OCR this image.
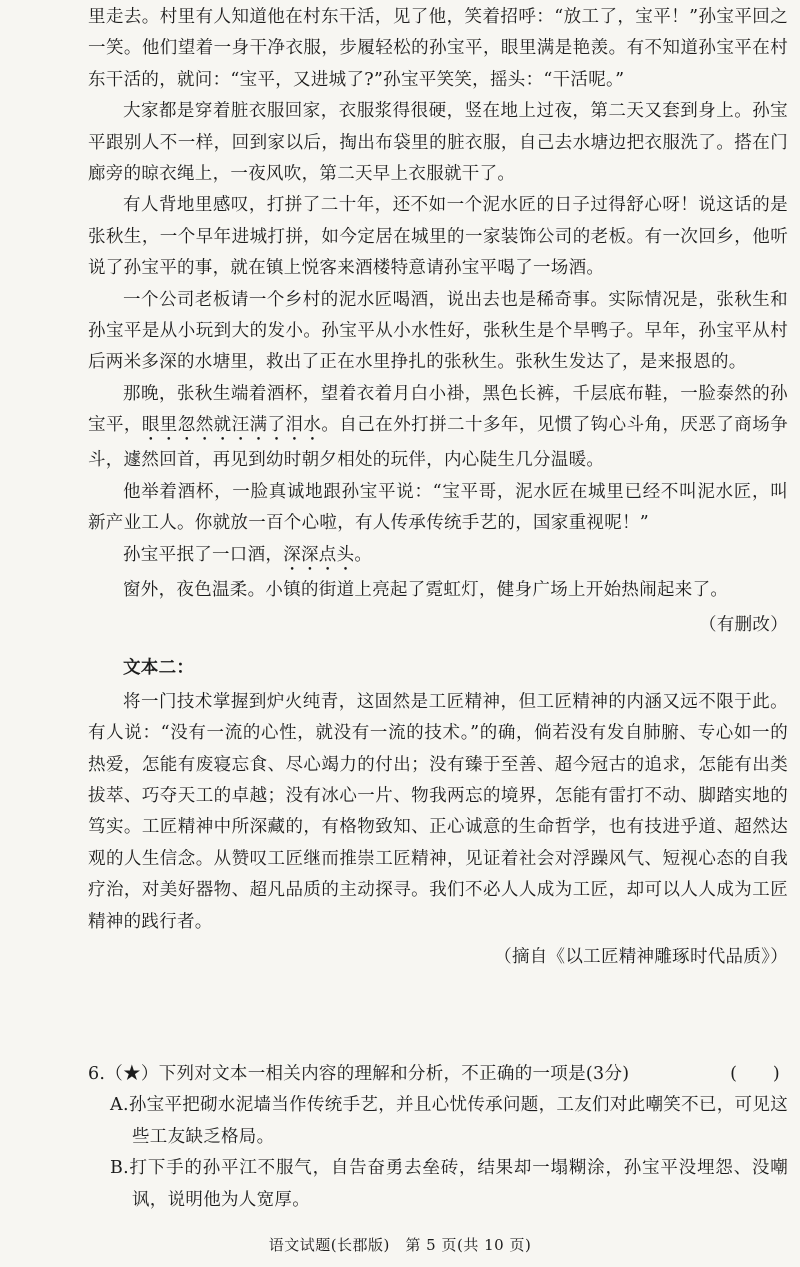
里走去。村里有人知道他在村东干活，见了他，笑着招呼：“放工了，宝平！”孙宝平回之一笑。他们望着一身干净衣服，步履轻松的孙宝平，眼里满是艳羡。有不知道孙宝平在村东干活的，就问：“宝平，又进城了?”孙宝平笑笑，摇头：“干活呢。”

大家都是穿着脏衣服回家，衣服浆得很硬，竖在地上过夜，第二天又套到身上。孙宝平跟别人不一样，回到家以后，掏出布袋里的脏衣服，自己去水塘边把衣服洗了。搭在门廊旁的晾衣绳上，一夜风吹，第二天早上衣服就干了。

有人背地里感叹，打拼了二十年，还不如一个泥水匠的日子过得舒心呀！说这话的是张秋生，一个早年进城打拼，如今定居在城里的一家装饰公司的老板。有一次回乡，他听说了孙宝平的事，就在镇上悦客来酒楼特意请孙宝平喝了一场酒。

一个公司老板请一个乡村的泥水匠喝酒，说出去也是稀奇事。实际情况是，张秋生和孙宝平是从小玩到大的发小。孙宝平从小水性好，张秋生是个旱鸭子。早年，孙宝平从村后两米多深的水塘里，救出了正在水里挣扎的张秋生。张秋生发达了，是来报恩的。

那晚，张秋生端着酒杯，望着衣着月白小褂，黑色长裤，千层底布鞋，一脸泰然的孙宝平，眼里忽然就汪满了泪水。自己在外打拼二十多年，见惯了钩心斗角，厌恶了商场争斗，遽然回首，再见到幼时朝夕相处的玩伴，内心陡生几分温暖。

他举着酒杯，一脸真诚地跟孙宝平说：“宝平哥，泥水匠在城里已经不叫泥水匠，叫新产业工人。你就放一百个心啦，有人传承传统手艺的，国家重视呢！”

孙宝平抿了一口酒，深深点头。

窗外，夜色温柔。小镇的街道上亮起了霓虹灯，健身广场上开始热闹起来了。

（有删改）

文本二：

将一门技术掌握到炉火纯青，这固然是工匠精神，但工匠精神的内涵又远不限于此。有人说：“没有一流的心性，就没有一流的技术。”的确，倘若没有发自肺腑、专心如一的热爱，怎能有废寝忘食、尽心竭力的付出；没有臻于至善、超今冠古的追求，怎能有出类拔萃、巧夺天工的卓越；没有冰心一片、物我两忘的境界，怎能有雷打不动、脚踏实地的笃实。工匠精神中所深藏的，有格物致知、正心诚意的生命哲学，也有技进乎道、超然达观的人生信念。从赞叹工匠继而推崇工匠精神，见证着社会对浮躁风气、短视心态的自我疗治，对美好器物、超凡品质的主动探寻。我们不必人人成为工匠，却可以人人成为工匠精神的践行者。

（摘自《以工匠精神雕琢时代品质》）

6.（★）下列对文本一相关内容的理解和分析，不正确的一项是(3分)	(　　)

A.孙宝平把砌水泥墙当作传统手艺，并且心忧传承问题，工友们对此嘲笑不已，可见这些工友缺乏格局。

B.打下手的孙平江不服气，自告奋勇去垒砖，结果却一塌糊涂，孙宝平没埋怨、没嘲讽，说明他为人宽厚。

语文试题(长郡版)　第 5 页(共 10 页)
